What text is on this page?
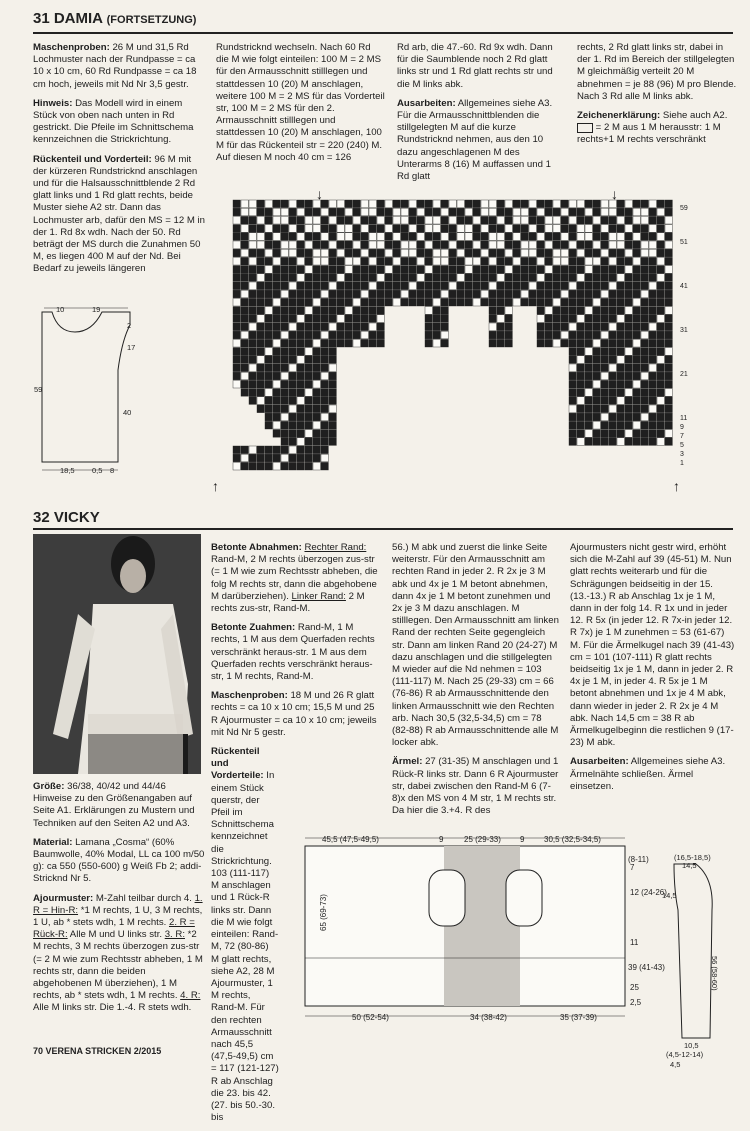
31 DAMIA (FORTSETZUNG)

Maschenproben: 26 M und 31,5 Rd Lochmuster nach der Rundpasse = ca 10 x 10 cm, 60 Rd Rundpasse = ca 18 cm hoch, jeweils mit Nd Nr 3,5 gestr.

Hinweis: Das Modell wird in einem Stück von oben nach unten in Rd gestrickt. Die Pfeile im Schnittschema kennzeichnen die Strickrichtung.

Rückenteil und Vorderteil: 96 M mit der kürzeren Rundstricknd anschlagen und für die Halsausschnittblende 2 Rd glatt links und 1 Rd glatt rechts, beide Muster siehe A2 str. Dann das Lochmuster arb, dafür den MS = 12 M in der 1. Rd 8x wdh. Nach der 50. Rd beträgt der MS durch die Zunahmen 50 M, es liegen 400 M auf der Nd. Bei Bedarf zu jeweils längeren

Rundstricknd wechseln. Nach 60 Rd die M wie folgt einteilen: 100 M = 2 MS für den Armausschnitt stilllegen und stattdessen 10 (20) M anschlagen, weitere 100 M = 2 MS für das Vorderteil str, 100 M = 2 MS für den 2. Armausschnitt stilllegen und stattdessen 10 (20) M anschlagen, 100 M für das Rückenteil str = 220 (240) M. Auf diesen M noch 40 cm = 126

Rd arb, die 47.-60. Rd 9x wdh. Dann für die Saumblende noch 2 Rd glatt links str und 1 Rd glatt rechts str und die M links abk.

Ausarbeiten: Allgemeines siehe A3. Für die Armausschnittblenden die stillgelegten M auf die kurze Rundstricknd nehmen, aus den 10 dazu angeschlagenen M des Unterarms 8 (16) M auffassen und 1 Rd glatt

rechts, 2 Rd glatt links str, dabei in der 1. Rd im Bereich der stillgelegten M gleichmäßig verteilt 20 M abnehmen = je 88 (96) M pro Blende. Nach 3 Rd alle M links abk.

Zeichenerklärung: Siehe auch A2.
= 2 M aus 1 M herausstr: 1 M rechts+1 M rechts verschränkt

10	19
2
17
59
40
18,5 0,5 8
59
51
41
31
21
11
9
7
5
3
1
↓	↓
↑	↑
32 VICKY

Größe: 36/38, 40/42 und 44/46
Hinweise zu den Größenangaben auf Seite A1. Erklärungen zu Mustern und Techniken auf den Seiten A2 und A3.

Material: Lamana „Cosma“ (60% Baumwolle, 40% Modal, LL ca 100 m/50 g): ca 550 (550-600) g Weiß Fb 2; addi-Stricknd Nr 5.

Ajourmuster: M-Zahl teilbar durch 4. 1. R = Hin-R: *1 M rechts, 1 U, 3 M rechts, 1 U, ab * stets wdh, 1 M rechts. 2. R = Rück-R: Alle M und U links str. 3. R: *2 M rechts, 3 M rechts überzogen zus-str (= 2 M wie zum Rechtsstr abheben, 1 M rechts str, dann die beiden abgehobenen M überziehen), 1 M rechts, ab * stets wdh, 1 M rechts. 4. R: Alle M links str. Die 1.-4. R stets wdh.

Betonte Abnahmen: Rechter Rand: Rand-M, 2 M rechts überzogen zus-str (= 1 M wie zum Rechtsstr abheben, die folg M rechts str, dann die abgehobene M darüberziehen). Linker Rand: 2 M rechts zus-str, Rand-M.

Betonte Zuahmen: Rand-M, 1 M rechts, 1 M aus dem Querfaden rechts verschränkt heraus-str. 1 M aus dem Querfaden rechts verschränkt heraus-str, 1 M rechts, Rand-M.

Maschenproben: 18 M und 26 R glatt rechts = ca 10 x 10 cm; 15,5 M und 25 R Ajourmuster = ca 10 x 10 cm; jeweils mit Nd Nr 5 gestr.

Rückenteil und Vorderteile: In einem Stück querstr, der Pfeil im Schnittschema kennzeichnet die Strickrichtung. 103 (111-117) M anschlagen und 1 Rück-R links str. Dann die M wie folgt einteilen: Rand-M, 72 (80-86) M glatt rechts, siehe A2, 28 M Ajourmuster, 1 M rechts, Rand-M. Für den rechten Armausschnitt nach 45,5 (47,5-49,5) cm = 117 (121-127) R ab Anschlag die 23. bis 42. (27. bis 50.-30. bis

56.) M abk und zuerst die linke Seite weiterstr. Für den Armausschnitt am rechten Rand in jeder 2. R 2x je 3 M abk und 4x je 1 M betont abnehmen, dann 4x je 1 M betont zunehmen und 2x je 3 M dazu anschlagen. M stilllegen. Den Armausschnitt am linken Rand der rechten Seite gegengleich str. Dann am linken Rand 20 (24-27) M dazu anschlagen und die stillgelegten M wieder auf die Nd nehmen = 103 (111-117) M. Nach 25 (29-33) cm = 66 (76-86) R ab Armausschnittende den linken Armausschnitt wie den Rechten arb. Nach 30,5 (32,5-34,5) cm = 78 (82-88) R ab Armausschnittende alle M locker abk.

Ärmel: 27 (31-35) M anschlagen und 1 Rück-R links str. Dann 6 R Ajourmuster str, dabei zwischen den Rand-M 6 (7-8)x den MS von 4 M str, 1 M rechts str. Da hier die 3.+4. R des

Ajourmusters nicht gestr wird, erhöht sich die M-Zahl auf 39 (45-51) M. Nun glatt rechts weiterarb und für die Schrägungen beidseitig in der 15. (13.-13.) R ab Anschlag 1x je 1 M, dann in der folg 14. R 1x und in jeder 12. R 5x (in jeder 12. R 7x-in jeder 12. R 7x) je 1 M zunehmen = 53 (61-67) M. Für die Ärmelkugel nach 39 (41-43) cm = 101 (107-111) R glatt rechts beidseitig 1x je 1 M, dann in jeder 2. R 4x je 1 M, in jeder 4. R 5x je 1 M betont abnehmen und 1x je 4 M abk, dann wieder in jeder 2. R 2x je 4 M abk. Nach 14,5 cm = 38 R ab Ärmelkugelbeginn die restlichen 9 (17-23) M abk.

Ausarbeiten: Allgemeines siehe A3. Ärmelnähte schließen. Ärmel einsetzen.

45,5 (47,5-49,5)	9	25 (29-33) 9 30,5 (32,5-34,5)
65 (69-73)
7
(8-11)
12 (24-26)
11
39 (41-43)
25
2,5
50 (52-54)	34 (38-42)	35 (37-39)
(16,5-18,5)
14,5
14,5
56 (58-60)
10,5
(4,5-12-14)
4,5
70 VERENA STRICKEN 2/2015
